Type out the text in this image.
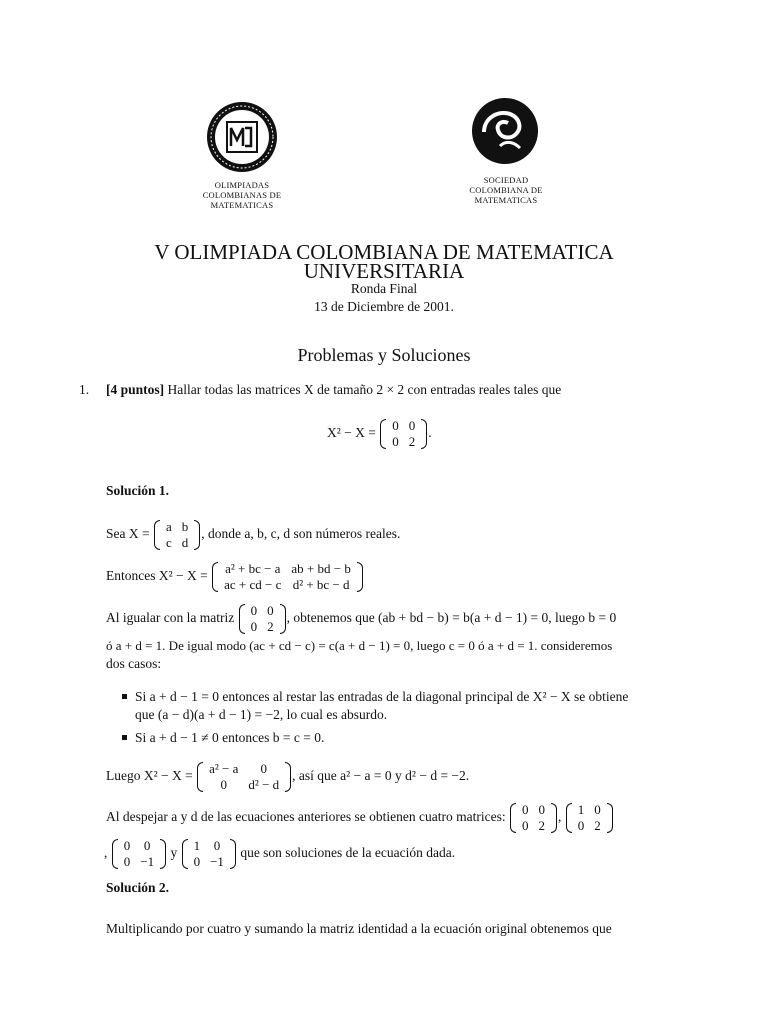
OLIMPIADAS
COLOMBIANAS DE
MATEMATICAS
SOCIEDAD
COLOMBIANA DE
MATEMATICAS
V OLIMPIADA COLOMBIANA DE MATEMATICA
UNIVERSITARIA
Ronda Final
13 de Diciembre de 2001.
Problemas y Soluciones
1. [4 puntos] Hallar todas las matrices X de tamaño 2 × 2 con entradas reales tales que
X² − X = 0	0
0	2
.
Solución 1.
Sea X = a	b
c	d
, donde a, b, c, d son números reales.
Entonces X² − X = a² + bc − a	ab + bd − b
ac + cd − c	d² + bc − d
Al igualar con la matriz 0	0
0	2
, obtenemos que (ab + bd − b) = b(a + d − 1) = 0, luego b = 0
ó a + d = 1. De igual modo (ac + cd − c) = c(a + d − 1) = 0, luego c = 0 ó a + d = 1. consideremos
dos casos:
Si a + d − 1 = 0 entonces al restar las entradas de la diagonal principal de X² − X se obtiene
que (a − d)(a + d − 1) = −2, lo cual es absurdo.
Si a + d − 1 ≠ 0 entonces b = c = 0.
Luego X² − X = a² − a	0
0	d² − d
, así que a² − a = 0 y d² − d = −2.
Al despejar a y d de las ecuaciones anteriores se obtienen cuatro matrices: 0	0
0	2
, 1	0
0	2
, 0	0
0	−1
y 1	0
0	−1
que son soluciones de la ecuación dada.
Solución 2.
Multiplicando por cuatro y sumando la matriz identidad a la ecuación original obtenemos que
